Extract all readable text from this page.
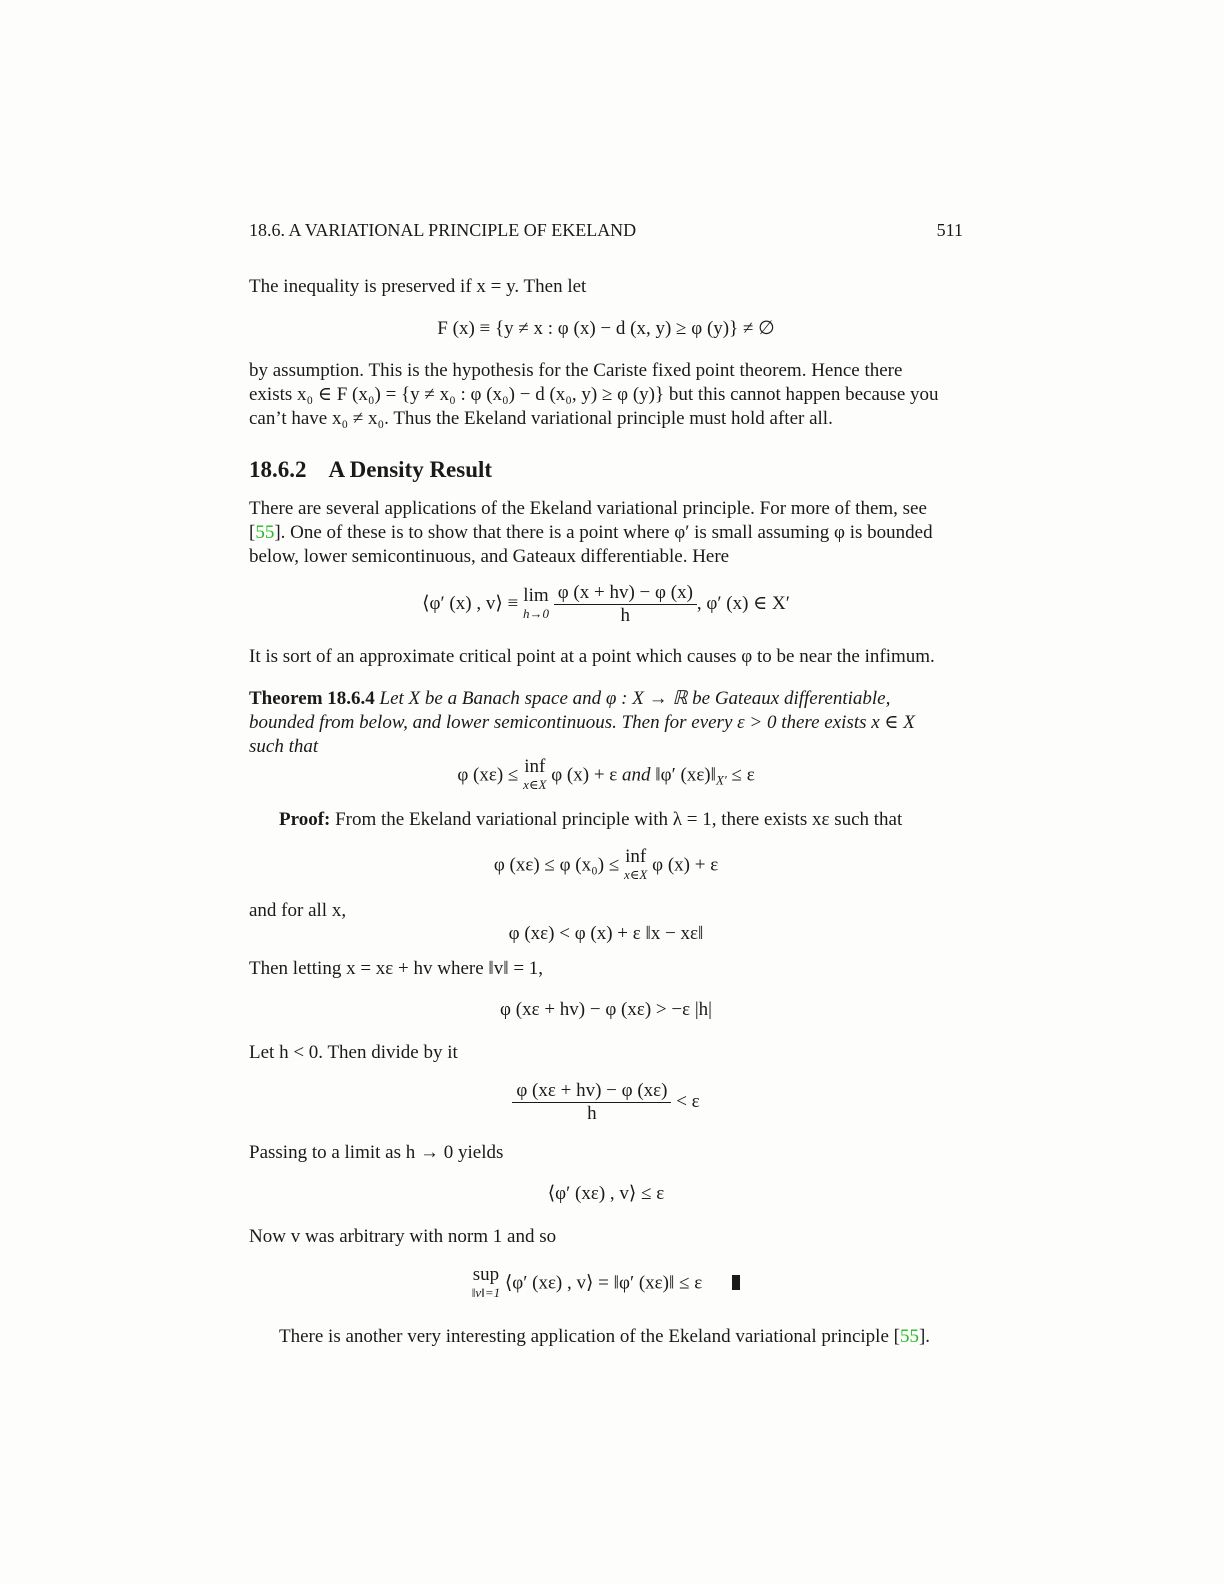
18.6. A VARIATIONAL PRINCIPLE OF EKELAND	511

The inequality is preserved if x = y. Then let

F (x) ≡ {y ≠ x : φ (x) − d (x, y) ≥ φ (y)} ≠ ∅

by assumption. This is the hypothesis for the Cariste fixed point theorem. Hence there

exists x₀ ∈ F (x₀) = {y ≠ x₀ : φ (x₀) − d (x₀, y) ≥ φ (y)} but this cannot happen because you

can’t have x₀ ≠ x₀. Thus the Ekeland variational principle must hold after all.

18.6.2 A Density Result

There are several applications of the Ekeland variational principle. For more of them, see

[55]. One of these is to show that there is a point where φ′ is small assuming φ is bounded

below, lower semicontinuous, and Gateaux differentiable. Here

⟨φ′ (x) , v⟩ ≡ lim
h→0
$\frac{\varphi (x + hv) - \varphi (x)}{h}$ , φ′ (x) ∈ X′

It is sort of an approximate critical point at a point which causes φ to be near the infimum.

Theorem 18.6.4 Let X be a Banach space and φ : X → ℝ be Gateaux differentiable,

bounded from below, and lower semicontinuous. Then for every ε > 0 there exists x ∈ X

such that

φ (xε) ≤ inf
x∈X φ (x) + ε and ‖φ′ $(x\varepsilon)‖_{X'} \le \varepsilon$

Proof: From the Ekeland variational principle with λ = 1, there exists xε such that

φ (xε) ≤ φ (x₀) ≤ inf
x∈X φ (x) + ε

and for all x,

φ (xε) < φ (x) + ε ‖x − xε‖

Then letting x = xε + hv where ‖v‖ = 1,

φ (xε + hv) − φ (xε) > −ε |h|

Let h < 0. Then divide by it

$\frac{\varphi (x\varepsilon + hv) - \varphi (x\varepsilon)}{h} < \varepsilon$

Passing to a limit as h → 0 yields

⟨φ′ (xε) , v⟩ ≤ ε

Now v was arbitrary with norm 1 and so

sup
‖v‖=1 ⟨φ′ (xε) , v⟩ = ‖φ′ (xε)‖ ≤ ε

There is another very interesting application of the Ekeland variational principle [55].
